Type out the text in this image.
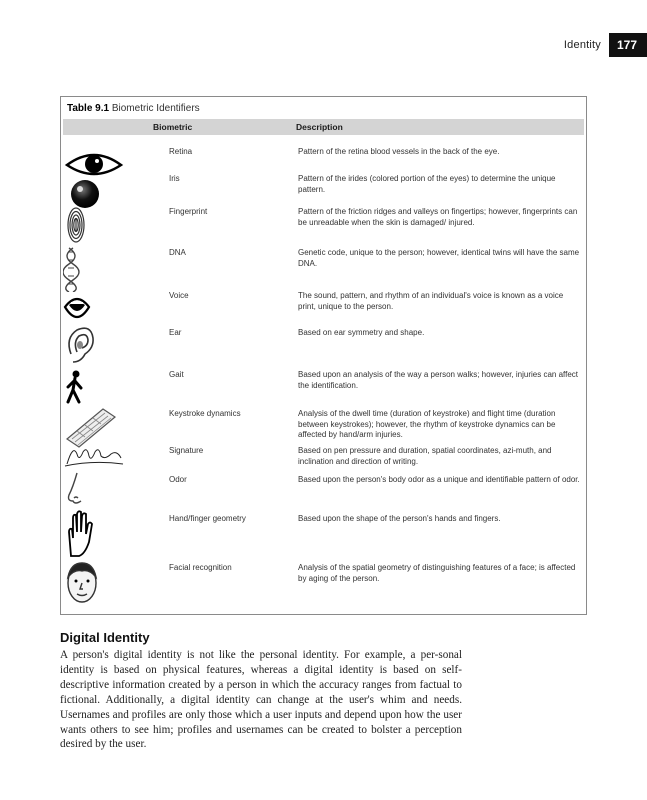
Identity	177
Table 9.1 Biometric Identifiers
Biometric	Description
Retina	Pattern of the retina blood vessels in the back of the eye.
Iris	Pattern of the irides (colored portion of the eyes) to determine the unique pattern.
Fingerprint	Pattern of the friction ridges and valleys on fingertips; however, fingerprints can be unreadable when the skin is damaged/ injured.
DNA	Genetic code, unique to the person; however, identical twins will have the same DNA.
Voice	The sound, pattern, and rhythm of an individual's voice is known as a voice print, unique to the person.
Ear	Based on ear symmetry and shape.
Gait	Based upon an analysis of the way a person walks; however, injuries can affect the identification.
Keystroke dynamics	Analysis of the dwell time (duration of keystroke) and flight time (duration between keystrokes); however, the rhythm of keystroke dynamics can be affected by hand/arm injuries.
Signature	Based on pen pressure and duration, spatial coordinates, azi-muth, and inclination and direction of writing.
Odor	Based upon the person's body odor as a unique and identifiable pattern of odor.
Hand/finger geometry	Based upon the shape of the person's hands and fingers.
Facial recognition	Analysis of the spatial geometry of distinguishing features of a face; is affected by aging of the person.
Digital Identity
A person's digital identity is not like the personal identity. For example, a per-sonal identity is based on physical features, whereas a digital identity is based on self-descriptive information created by a person in which the accuracy ranges from factual to fictional. Additionally, a digital identity can change at the user's whim and needs. Usernames and profiles are only those which a user inputs and depend upon how the user wants others to see him; profiles and usernames can be created to bolster a perception desired by the user.
